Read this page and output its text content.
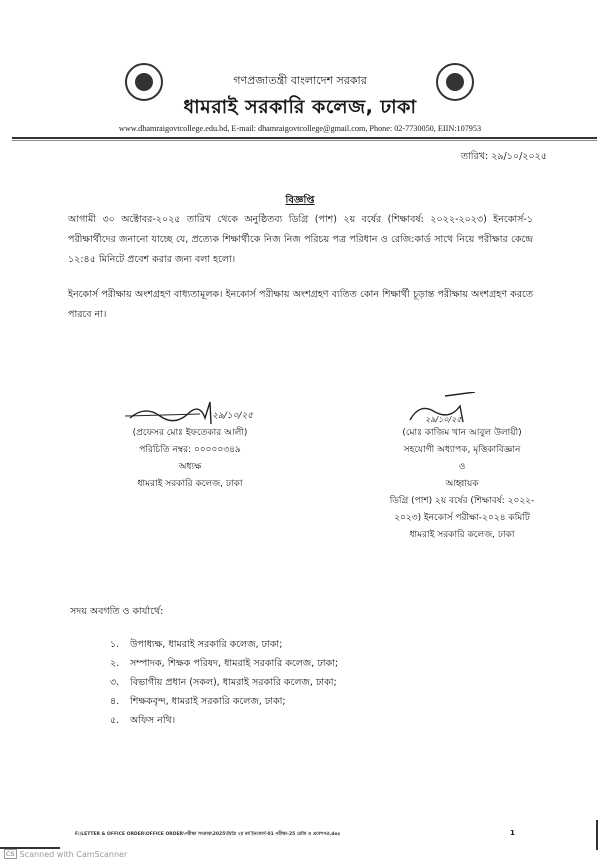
গণপ্রজাতন্ত্রী বাংলাদেশ সরকার
ধামরাই সরকারি কলেজ, ঢাকা
www.dhamraigovtcollege.edu.bd, E-mail: dhamraigovtcollege@gmail.com, Phone: 02-7730050, EIIN:107953
তারিখ: ২৯/১০/২০২৫
বিজ্ঞপ্তি
আগামী ৩০ অক্টোবর-২০২৫ তারিখ থেকে অনুষ্ঠিতব্য ডিগ্রি (পাশ) ২য় বর্ষের (শিক্ষাবর্ষ: ২০২২-২০২৩) ইনকোর্স-১ পরীক্ষার্থীদের জনানো যাচ্ছে যে, প্রত্যেক শিক্ষার্থীকে নিজ নিজ পরিচয় পত্র পরিধান ও রেজি:কার্ড সাথে নিয়ে পরীক্ষার কেন্দ্রে ১২:৪৫ মিনিটে প্রবেশ করার জন্য বলা হলো।
ইনকোর্স পরীক্ষায় অংশগ্রহণ বাধ্যতামূলক। ইনকোর্স পরীক্ষায় অংশগ্রহণ ব্যতিত কোন শিক্ষার্থী চূড়ান্ত পরীক্ষায় অংশগ্রহণ করতে পারবে না।
২৯/১০/২৫
(প্রফেসর মোঃ ইফতেকার আলী)
পরিচিতি নম্বর: ০০০০০৩৪৯
অধ্যক্ষ
ধামরাই সরকারি কলেজ, ঢাকা
২৯/১০/২৫
(মোঃ কাজিম খান আবুল উলায়ী)
সহযোগী অধ্যাপক, মৃত্তিকাবিজ্ঞান
ও
আহ্বায়ক
ডিগ্রি (পাশ) ২য় বর্ষের (শিক্ষাবর্ষ: ২০২২-
২০২৩) ইনকোর্স পরীক্ষা-২০২৪ কমিটি
ধামরাই সরকারি কলেজ, ঢাকা
সদয় অবগতি ও কার্যার্থে:
১.	উপাধ্যক্ষ, ধামরাই সরকারি কলেজ, ঢাকা;
২.	সম্পাদক, শিক্ষক পরিষদ, ধামরাই সরকারি কলেজ, ঢাকা;
৩.	বিভাগীয় প্রধান (সকল), ধামরাই সরকারি কলেজ, ঢাকা;
৪.	শিক্ষকবৃন্দ, ধামরাই সরকারি কলেজ, ঢাকা;
৫.	অফিস নথি।
F:\LETTER & OFFICE ORDER\OFFICE ORDER\পরীক্ষা সংক্রান্ত\2025\ডিগ্রি ২য় বর্ষ ইনকোর্স-01 পরীক্ষা-25 রেজি ও প্রবেশপত্র.doc	1
CS Scanned with CamScanner
